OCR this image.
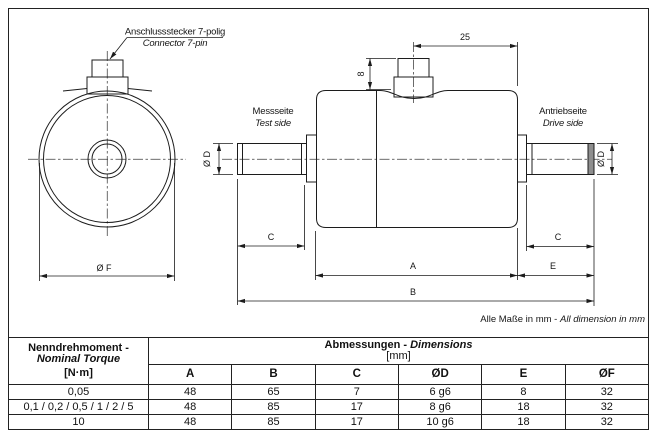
Anschlussstecker 7-polig
Connector 7-pin
Ø F
Messseite
Test side
Antriebseite
Drive side
25
8
Ø D	Ø D
C	C
A	E
B
Alle Maße in mm - All dimension in mm
Nenndrehmoment -
Nominal Torque
[N·m]

Abmessungen - Dimensions
[mm]

	A	B	C	ØD	E	ØF
0,05	48	65	7	6 g6	8	32
0,1 / 0,2 / 0,5 / 1 / 2 / 5	48	85	17	8 g6	18	32
10	48	85	17	10 g6	18	32
